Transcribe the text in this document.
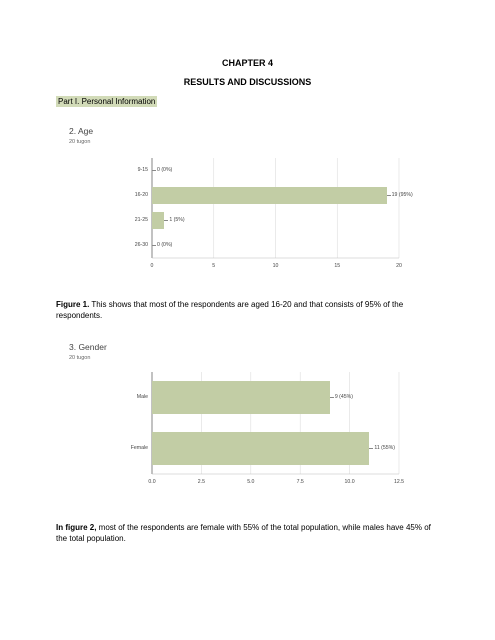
CHAPTER 4
RESULTS AND DISCUSSIONS
Part I. Personal Information
2. Age
20 tugon
Figure 1. This shows that most of the respondents are aged 16-20 and that consists of 95% of the respondents.
3. Gender
20 tugon
In figure 2, most of the respondents are female with 55% of the total population, while males have 45% of the total population.
0	5	10	15	20
9-15 0 (0%)
16-20	19 (95%)
21-25	1 (5%)
26-30 0 (0%)
0.0	2.5	5.0	7.5	10.0	12.5
Male	9 (45%)
Female	11 (55%)
